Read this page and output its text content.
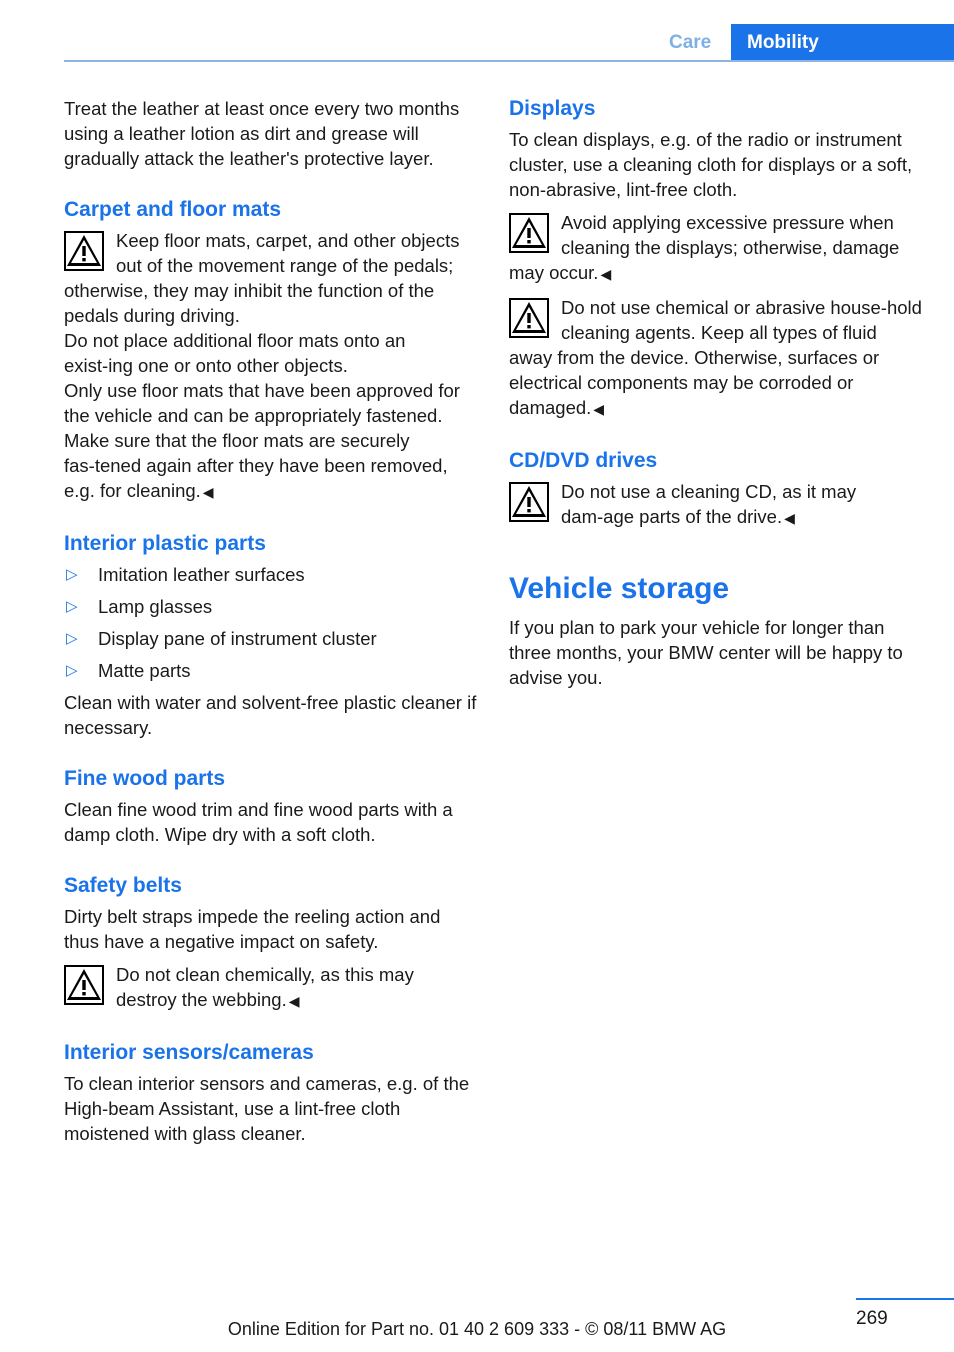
Care	Mobility

Treat the leather at least once every two months using a leather lotion as dirt and grease will gradually attack the leather's protective layer.

Carpet and floor mats

Keep floor mats, carpet, and other objects out of the movement range of the pedals; otherwise, they may inhibit the function of the pedals during driving.

Do not place additional floor mats onto an exist‑ing one or onto other objects.

Only use floor mats that have been approved for the vehicle and can be appropriately fastened.

Make sure that the floor mats are securely fas‑tened again after they have been removed, e.g. for cleaning. ◀

Interior plastic parts
▷ Imitation leather surfaces
▷ Lamp glasses
▷ Display pane of instrument cluster
▷ Matte parts

Clean with water and solvent-free plastic cleaner if necessary.

Fine wood parts

Clean fine wood trim and fine wood parts with a damp cloth. Wipe dry with a soft cloth.

Safety belts

Dirty belt straps impede the reeling action and thus have a negative impact on safety.

Do not clean chemically, as this may destroy the webbing. ◀

Interior sensors/cameras

To clean interior sensors and cameras, e.g. of the High-beam Assistant, use a lint-free cloth moistened with glass cleaner.

Displays

To clean displays, e.g. of the radio or instrument cluster, use a cleaning cloth for displays or a soft, non-abrasive, lint-free cloth.

Avoid applying excessive pressure when cleaning the displays; otherwise, damage may occur. ◀

Do not use chemical or abrasive house‑hold cleaning agents. Keep all types of fluid away from the device. Otherwise, surfaces or electrical components may be corroded or damaged. ◀

CD/DVD drives

Do not use a cleaning CD, as it may dam‑age parts of the drive. ◀

Vehicle storage

If you plan to park your vehicle for longer than three months, your BMW center will be happy to advise you.

269
Online Edition for Part no. 01 40 2 609 333 - © 08/11 BMW AG
